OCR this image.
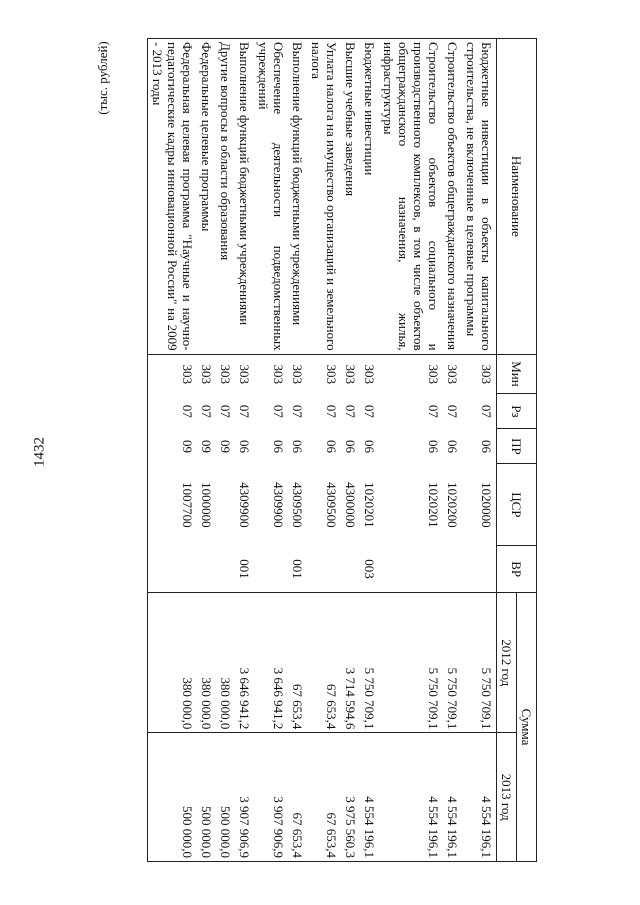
1432
(тыс. рублей)
Наименование	Мин	Рз	ПР	ЦСР	ВР	Сумма	
						2012 год	2013 год
Бюджетные инвестиции в объекты капитального строительства, не включенные в целевые программы	303	07	06	1020000		5 750 709,1	4 554 196,1
Строительство объектов общегражданского назначения	303	07	06	1020200		5 750 709,1	4 554 196,1
Строительство объектов социального и производственного комплексов, в том числе объектов общегражданского назначения, жилья, инфраструктуры	303	07	06	1020201		5 750 709,1	4 554 196,1
Бюджетные инвестиции	303	07	06	1020201	003	5 750 709,1	4 554 196,1
Высшие учебные заведения	303	07	06	4300000		3 714 594,6	3 975 560,3
Уплата налога на имущество организаций и земельного налога	303	07	06	4309500		67 653,4	67 653,4
Выполнение функций бюджетными учреждениями	303	07	06	4309500	001	67 653,4	67 653,4
Обеспечение деятельности подведомственных учреждений	303	07	06	4309900		3 646 941,2	3 907 906,9
Выполнение функций бюджетными учреждениями	303	07	06	4309900	001	3 646 941,2	3 907 906,9
Другие вопросы в области образования	303	07	09			380 000,0	500 000,0
Федеральные целевые программы	303	07	09	1000000		380 000,0	500 000,0
Федеральная целевая программа "Научные и научно-педагогические кадры инновационной России" на 2009 - 2013 годы	303	07	09	1007700		380 000,0	500 000,0
